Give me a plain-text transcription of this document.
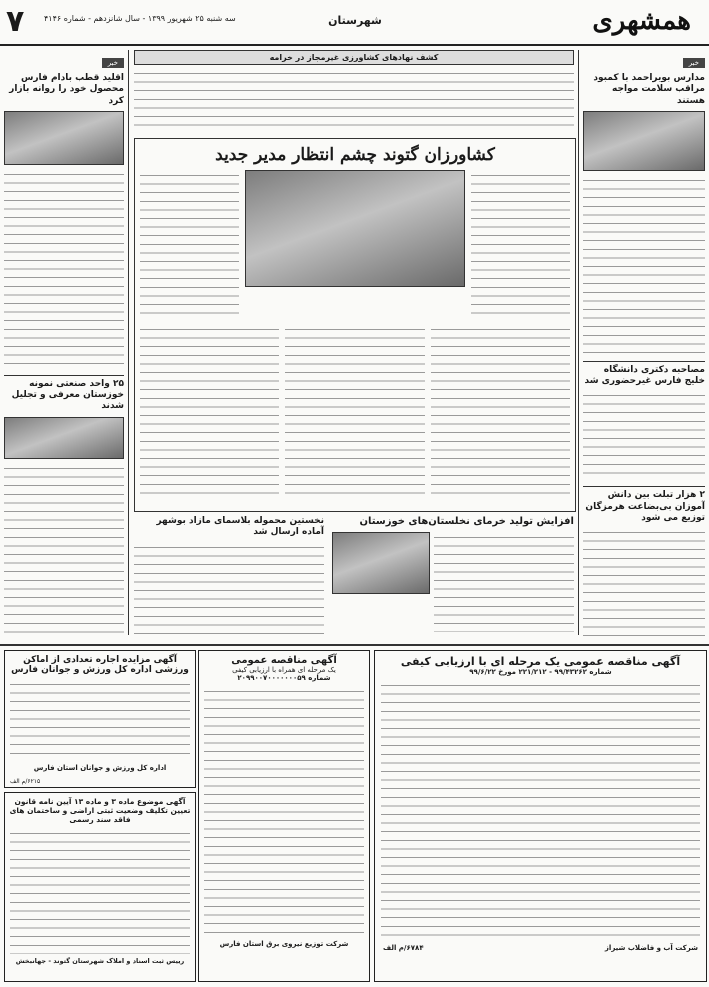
همشهری
شهرستان
سه شنبه ۲۵ شهریور ۱۳۹۹ - سال شانزدهم - شماره ۴۱۴۶
۷
خبر
مدارس بویراحمد با کمبود مراقب سلامت مواجه هستند
مصاحبه دکتری دانشگاه خلیج فارس غیرحضوری شد
۲ هزار تبلت بین دانش آموزان بی‌بضاعت هرمزگان توزیع می شود
خبر
اقلید قطب بادام فارس محصول خود را روانه بازار کرد
۲۵ واحد صنعتی نمونه خوزستان معرفی و تجلیل شدند
کشف نهادهای کشاورزی غیرمجاز در خرامه
کشاورزان گتوند چشم انتظار مدیر جدید
افزایش تولید خرمای نخلستان‌های خوزستان
نخستین محموله بلاسمای مازاد بوشهر آماده ارسال شد
آگهی مزایده اجاره تعدادی از اماکن ورزشی اداره کل ورزش و جوانان فارس
اداره کل ورزش و جوانان استان فارس
۶۲۱۵/م الف
آگهی مناقصه عمومی
یک مرحله ای همراه با ارزیابی کیفی
شماره ۲۰۹۹۰۰۷۰۰۰۰۰۰۰۵۹
شرکت توزیع نیروی برق استان فارس
آگهی مناقصه عمومی یک مرحله ای با ارزیابی کیفی
شماره ۹۹/۴۳۲۶۲ - ۲۲۱/۲۱۲ مورخ ۹۹/۶/۲۲
شرکت آب و فاضلاب شیراز
۶۷۸۴/م الف
آگهی موضوع ماده ۳ و ماده ۱۳ آیین نامه قانون تعیین تکلیف وضعیت ثبتی اراضی و ساختمان های فاقد سند رسمی
رییس ثبت اسناد و املاک شهرستان گتوند - جهانبخش
